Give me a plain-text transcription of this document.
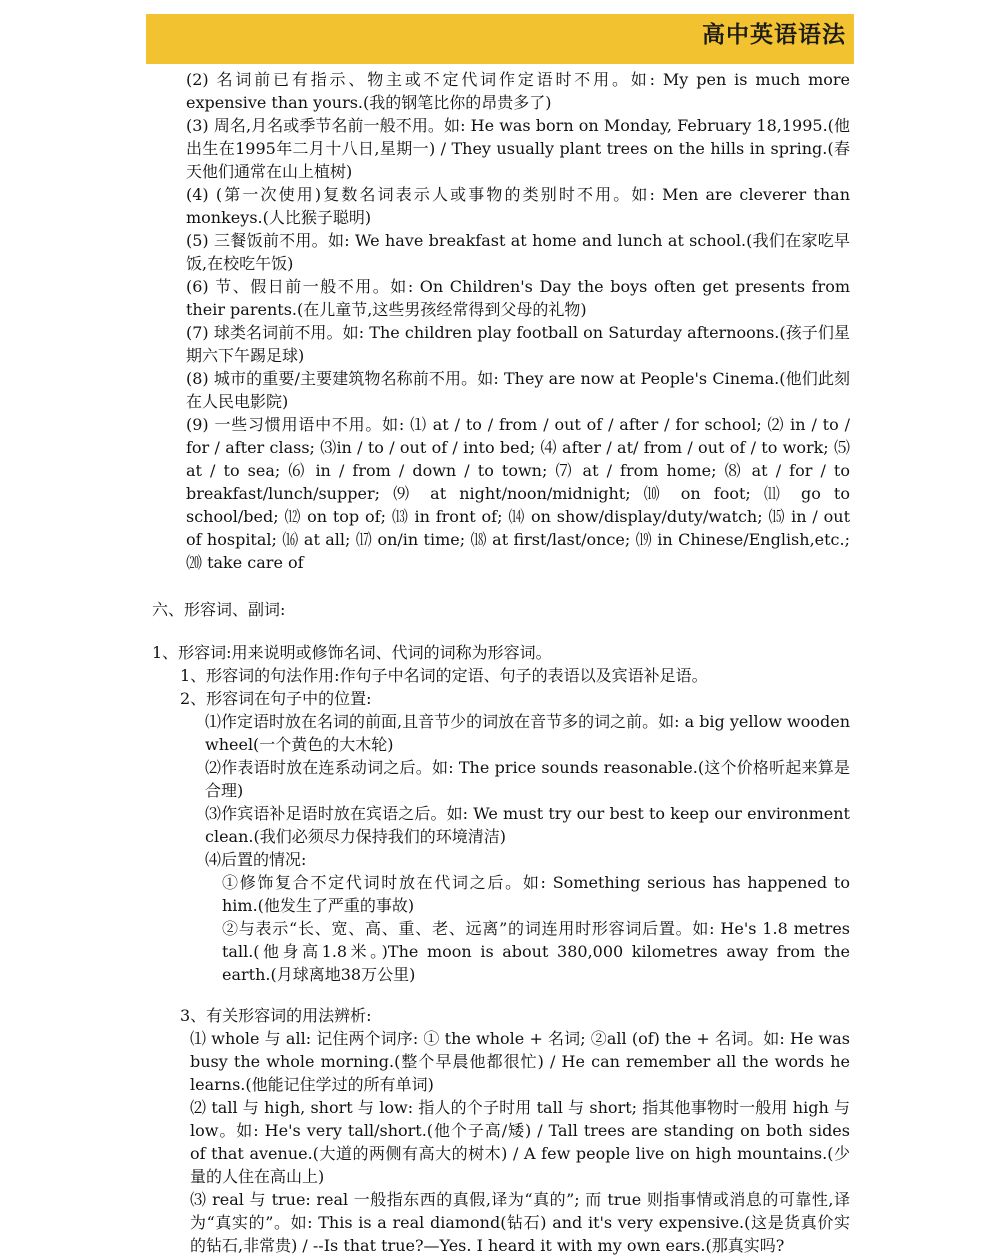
高中英语语法

(2) 名词前已有指示、物主或不定代词作定语时不用。如: My pen is much more expensive than yours.(我的钢笔比你的昂贵多了)

(3) 周名,月名或季节名前一般不用。如: He was born on Monday, February 18,1995.(他出生在1995年二月十八日,星期一) / They usually plant trees on the hills in spring.(春天他们通常在山上植树)

(4) (第一次使用)复数名词表示人或事物的类别时不用。如: Men are cleverer than monkeys.(人比猴子聪明)

(5) 三餐饭前不用。如: We have breakfast at home and lunch at school.(我们在家吃早饭,在校吃午饭)

(6) 节、假日前一般不用。如: On Children's Day the boys often get presents from their parents.(在儿童节,这些男孩经常得到父母的礼物)

(7) 球类名词前不用。如: The children play football on Saturday afternoons.(孩子们星期六下午踢足球)

(8) 城市的重要/主要建筑物名称前不用。如: They are now at People's Cinema.(他们此刻在人民电影院)

(9) 一些习惯用语中不用。如: ⑴ at / to / from / out of / after / for school; ⑵ in / to / for / after class; ⑶in / to / out of / into bed; ⑷ after / at/ from / out of / to work; ⑸ at / to sea; ⑹ in / from / down / to town; ⑺ at / from home; ⑻ at / for / to breakfast/lunch/supper; ⑼ at night/noon/midnight; ⑽ on foot; ⑾ go to school/bed; ⑿ on top of; ⒀ in front of; ⒁ on show/display/duty/watch; ⒂ in / out of hospital; ⒃ at all; ⒄ on/in time; ⒅ at first/last/once; ⒆ in Chinese/English,etc.; ⒇ take care of

六、形容词、副词:

1、形容词:用来说明或修饰名词、代词的词称为形容词。

1、形容词的句法作用:作句子中名词的定语、句子的表语以及宾语补足语。

2、形容词在句子中的位置:

⑴作定语时放在名词的前面,且音节少的词放在音节多的词之前。如: a big yellow wooden wheel(一个黄色的大木轮)

⑵作表语时放在连系动词之后。如: The price sounds reasonable.(这个价格听起来算是合理)

⑶作宾语补足语时放在宾语之后。如: We must try our best to keep our environment clean.(我们必须尽力保持我们的环境清洁)

⑷后置的情况:

①修饰复合不定代词时放在代词之后。如: Something serious has happened to him.(他发生了严重的事故)

②与表示“长、宽、高、重、老、远离”的词连用时形容词后置。如: He's 1.8 metres tall.(他身高1.8米。)The moon is about 380,000 kilometres away from the earth.(月球离地38万公里)

3、有关形容词的用法辨析:

⑴ whole 与 all: 记住两个词序: ① the whole + 名词; ②all (of) the + 名词。如: He was busy the whole morning.(整个早晨他都很忙) / He can remember all the words he learns.(他能记住学过的所有单词)

⑵ tall 与 high, short 与 low: 指人的个子时用 tall 与 short; 指其他事物时一般用 high 与 low。如: He's very tall/short.(他个子高/矮) / Tall trees are standing on both sides of that avenue.(大道的两侧有高大的树木) / A few people live on high mountains.(少量的人住在高山上)

⑶ real 与 true: real 一般指东西的真假,译为“真的”; 而 true 则指事情或消息的可靠性,译为“真实的”。如: This is a real diamond(钻石) and it's very expensive.(这是货真价实的钻石,非常贵) / --Is that true?—Yes. I heard it with my own ears.(那真实吗?
